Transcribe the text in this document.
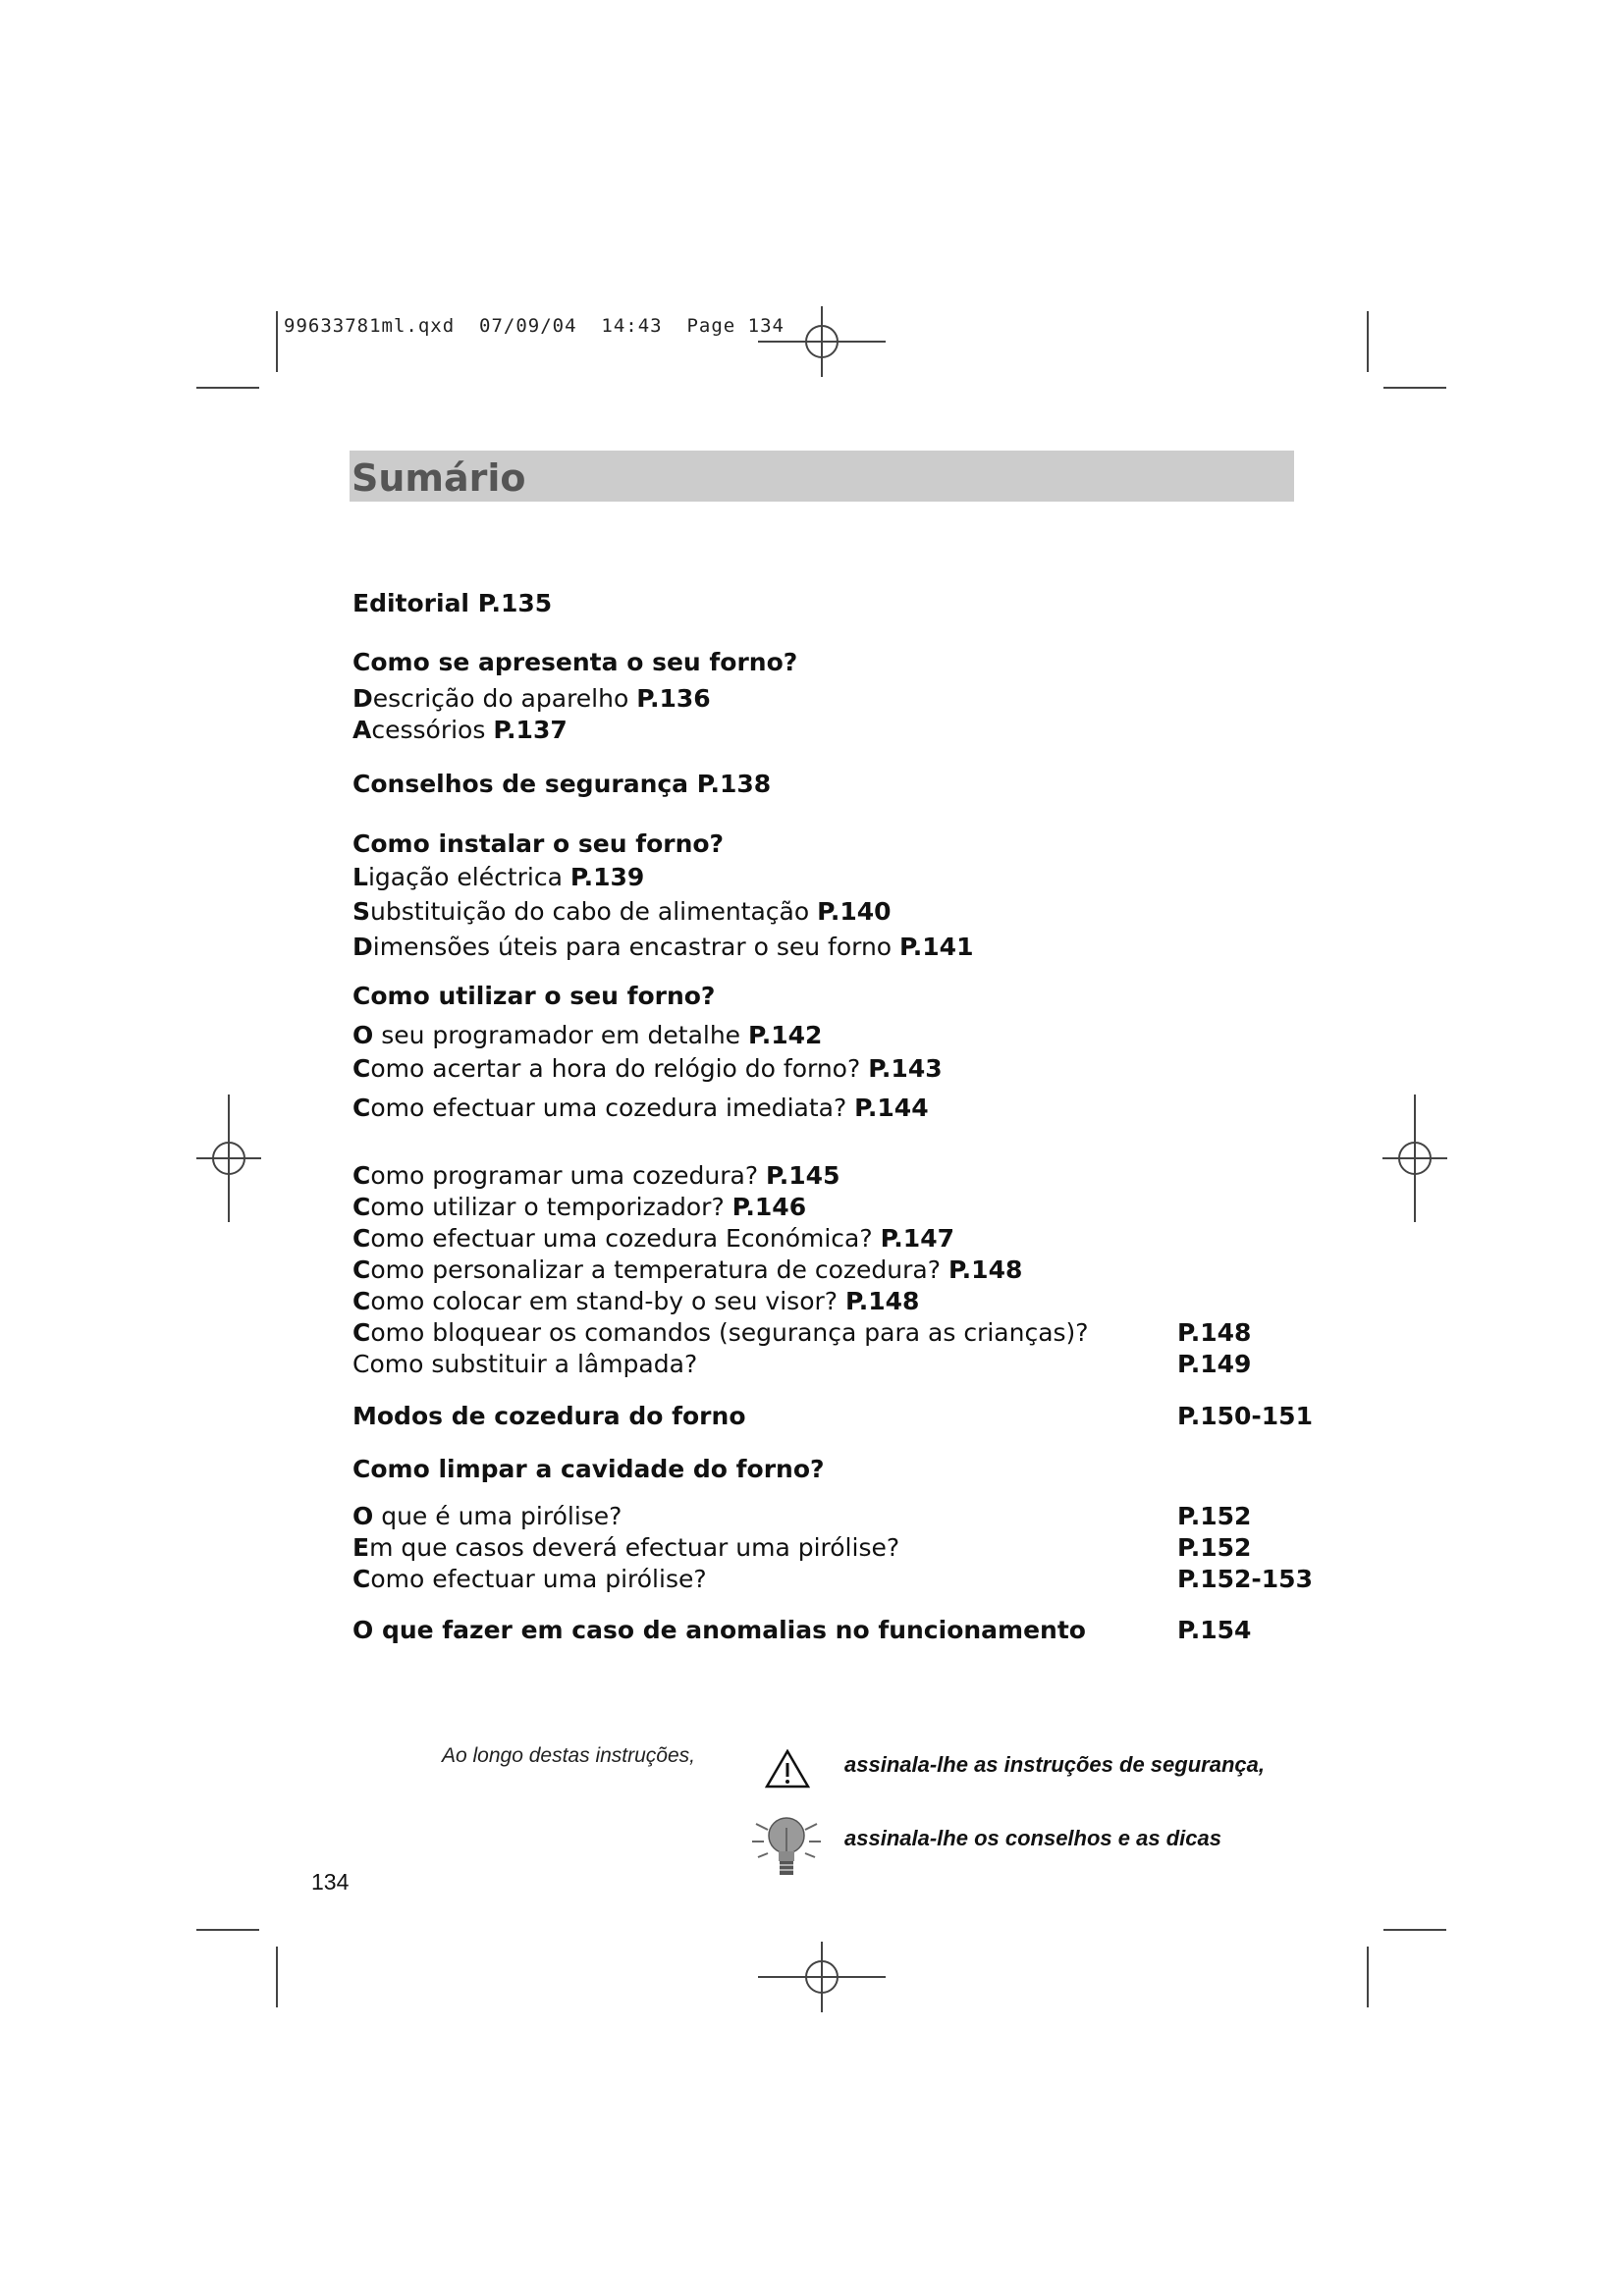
99633781ml.qxd  07/09/04  14:43  Page 134
Sumário
Editorial P.135
Como se apresenta o seu forno?
Descrição do aparelho P.136
Acessórios P.137
Conselhos de segurança P.138
Como instalar o seu forno?
Ligação eléctrica P.139
Substituição do cabo de alimentação P.140
Dimensões úteis para encastrar o seu forno P.141
Como utilizar o seu forno?
O seu programador em detalhe P.142
Como acertar a hora do relógio do forno? P.143
Como efectuar uma cozedura imediata? P.144
Como programar uma cozedura? P.145
Como utilizar o temporizador? P.146
Como efectuar uma cozedura Económica? P.147
Como personalizar a temperatura de cozedura? P.148
Como colocar em stand-by o seu visor? P.148
Como bloquear os comandos (segurança para as crianças)?	P.148
Como substituir a lâmpada?	P.149
Modos de cozedura do forno	P.150-151
Como limpar a cavidade do forno?
O que é uma pirólise?	P.152
Em que casos deverá efectuar uma pirólise?	P.152
Como efectuar uma pirólise?	P.152-153
O que fazer em caso de anomalias no funcionamento	P.154
Ao longo destas instruções,	assinala-lhe as instruções de segurança,
assinala-lhe os conselhos e as dicas
134
